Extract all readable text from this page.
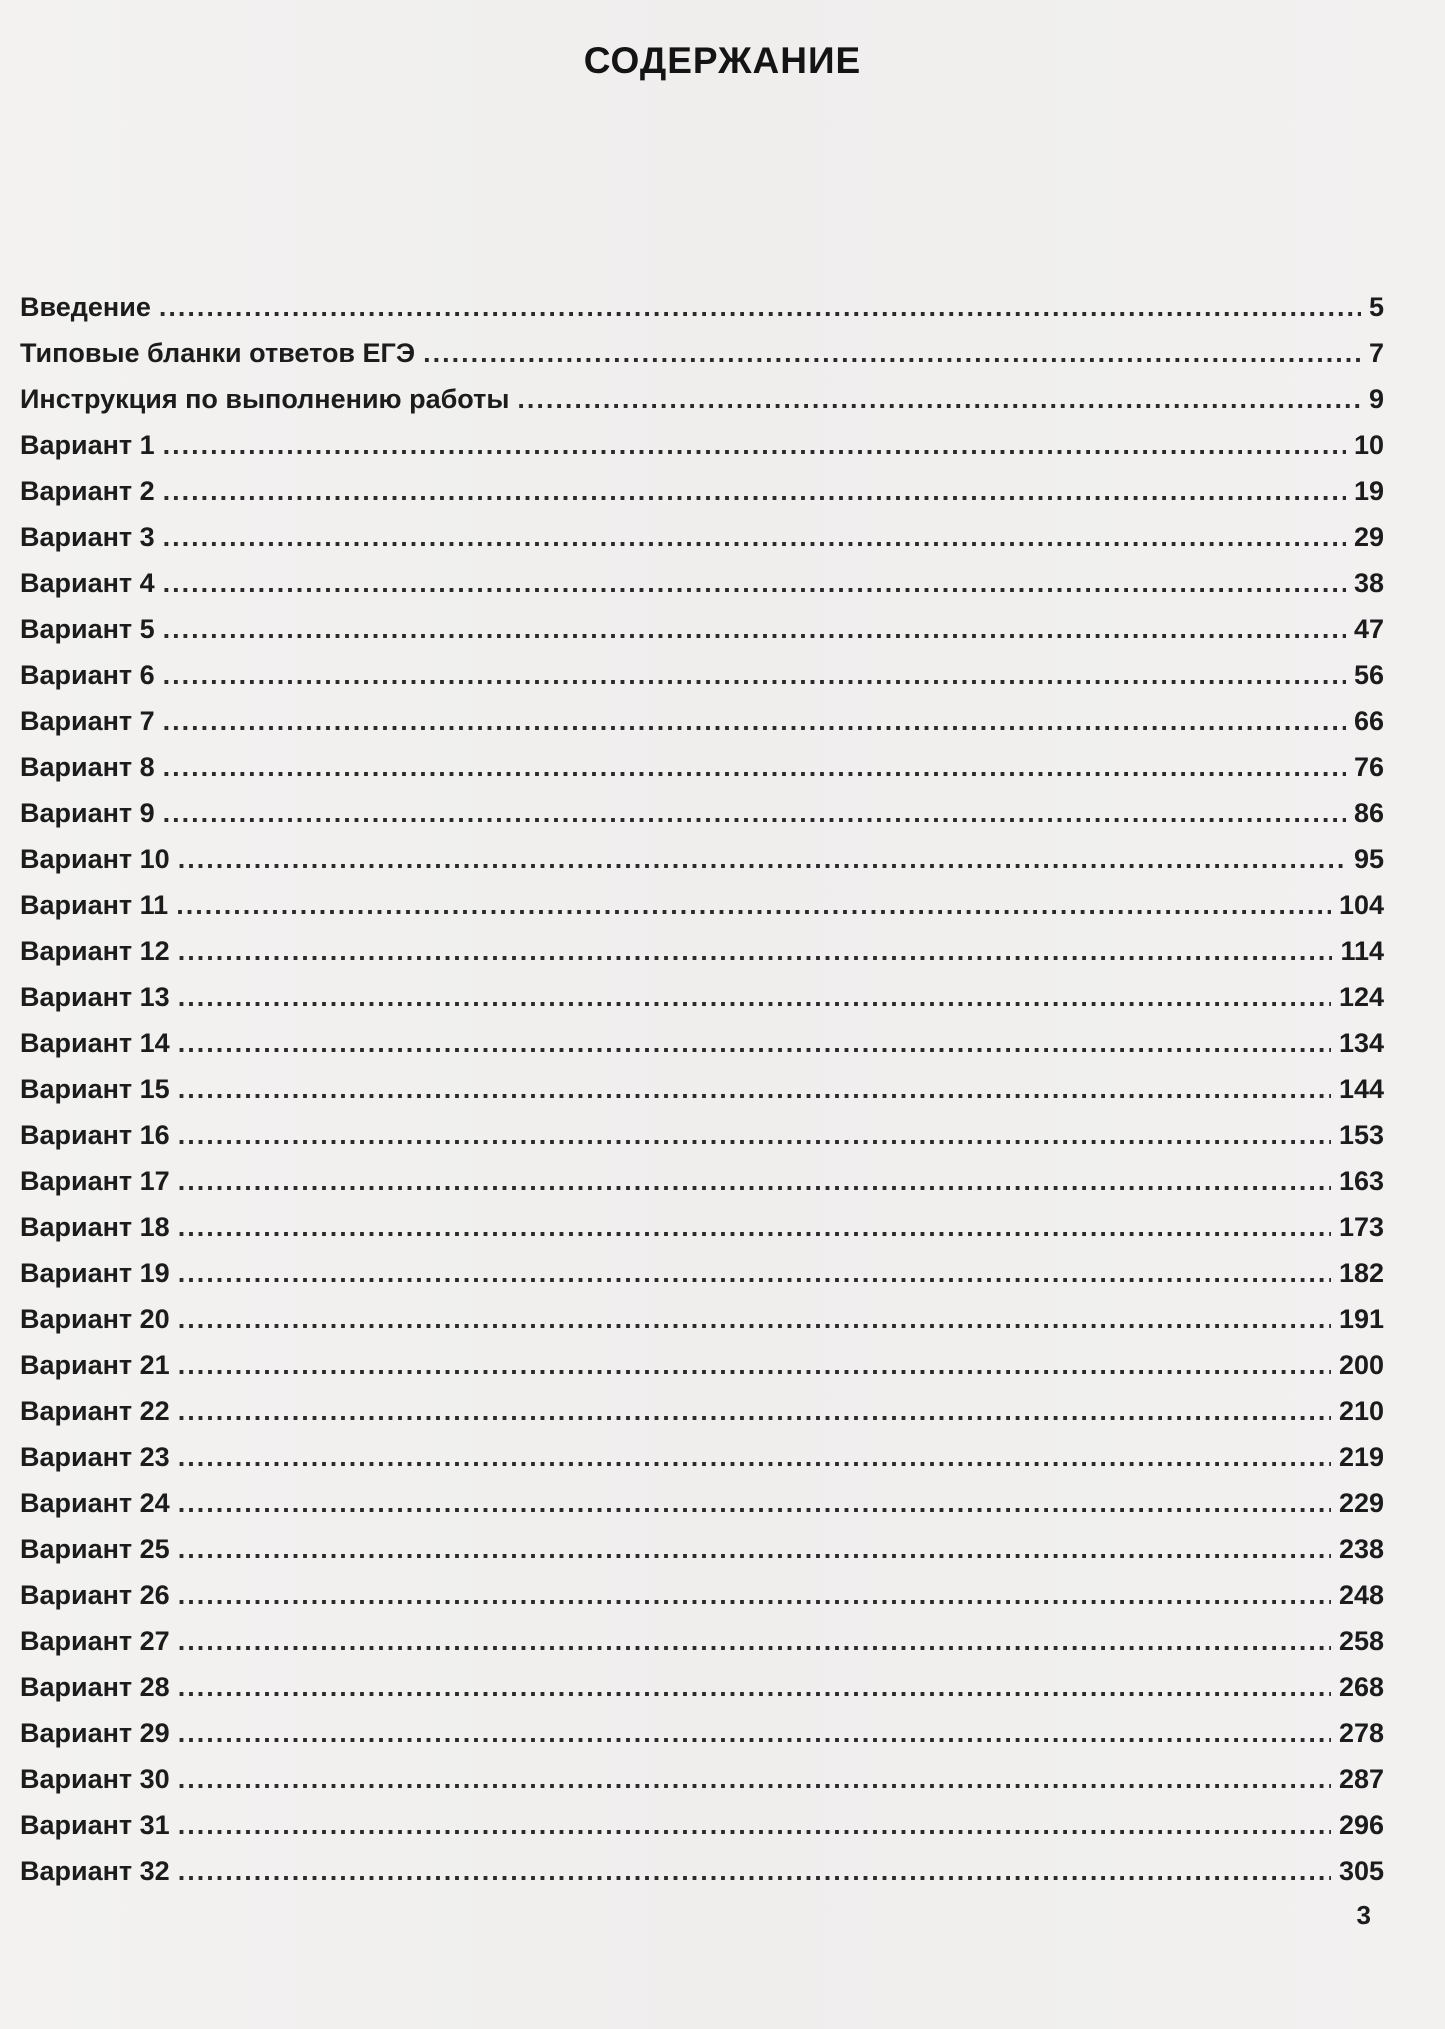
СОДЕРЖАНИЕ
Введение .....	5
Типовые бланки ответов ЕГЭ .....	7
Инструкция по выполнению работы .....	9
Вариант 1 .....	10
Вариант 2 .....	19
Вариант 3 .....	29
Вариант 4 .....	38
Вариант 5 .....	47
Вариант 6 .....	56
Вариант 7 .....	66
Вариант 8 .....	76
Вариант 9 .....	86
Вариант 10 .....	95
Вариант 11 .....	104
Вариант 12 .....	114
Вариант 13 .....	124
Вариант 14 .....	134
Вариант 15 .....	144
Вариант 16 .....	153
Вариант 17 .....	163
Вариант 18 .....	173
Вариант 19 .....	182
Вариант 20 .....	191
Вариант 21 .....	200
Вариант 22 .....	210
Вариант 23 .....	219
Вариант 24 .....	229
Вариант 25 .....	238
Вариант 26 .....	248
Вариант 27 .....	258
Вариант 28 .....	268
Вариант 29 .....	278
Вариант 30 .....	287
Вариант 31 .....	296
Вариант 32 .....	305
3
